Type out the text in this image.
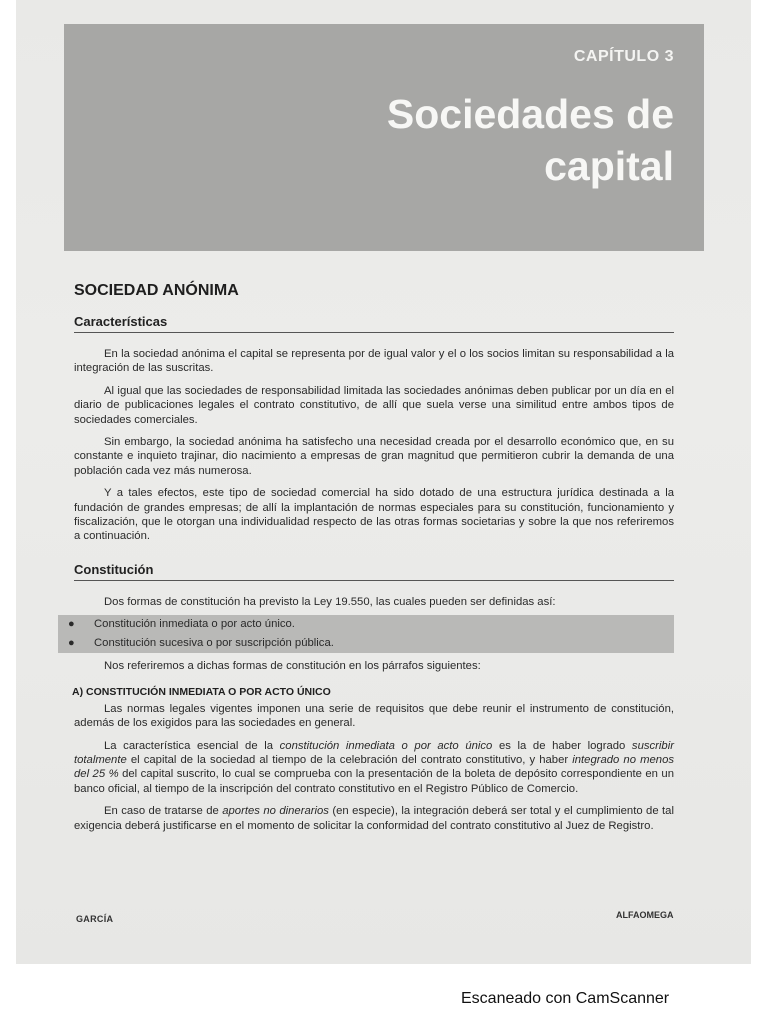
CAPÍTULO 3
Sociedades de capital
SOCIEDAD ANÓNIMA
Características

En la sociedad anónima el capital se representa por de igual valor y el o los socios limitan su responsabilidad a la integración de las suscritas.

Al igual que las sociedades de responsabilidad limitada las sociedades anónimas deben publicar por un día en el diario de publicaciones legales el contrato constitutivo, de allí que suela verse una similitud entre ambos tipos de sociedades comerciales.

Sin embargo, la sociedad anónima ha satisfecho una necesidad creada por el desarrollo económico que, en su constante e inquieto trajinar, dio nacimiento a empresas de gran magnitud que permitieron cubrir la demanda de una población cada vez más numerosa.

Y a tales efectos, este tipo de sociedad comercial ha sido dotado de una estructura jurídica destinada a la fundación de grandes empresas; de allí la implantación de normas especiales para su constitución, funcionamiento y fiscalización, que le otorgan una individualidad respecto de las otras formas societarias y sobre la que nos referiremos a continuación.

Constitución

Dos formas de constitución ha previsto la Ley 19.550, las cuales pueden ser definidas así:

● Constitución inmediata o por acto único.
● Constitución sucesiva o por suscripción pública.

Nos referiremos a dichas formas de constitución en los párrafos siguientes:

A) CONSTITUCIÓN INMEDIATA O POR ACTO ÚNICO

Las normas legales vigentes imponen una serie de requisitos que debe reunir el instrumento de constitución, además de los exigidos para las sociedades en general.

La característica esencial de la constitución inmediata o por acto único es la de haber logrado suscribir totalmente el capital de la sociedad al tiempo de la celebración del contrato constitutivo, y haber integrado no menos del 25 % del capital suscrito, lo cual se comprueba con la presentación de la boleta de depósito correspondiente en un banco oficial, al tiempo de la inscripción del contrato constitutivo en el Registro Público de Comercio.

En caso de tratarse de aportes no dinerarios (en especie), la integración deberá ser total y el cumplimiento de tal exigencia deberá justificarse en el momento de solicitar la conformidad del contrato constitutivo al Juez de Registro.

GARCÍA	ALFAOMEGA
Escaneado con CamScanner
